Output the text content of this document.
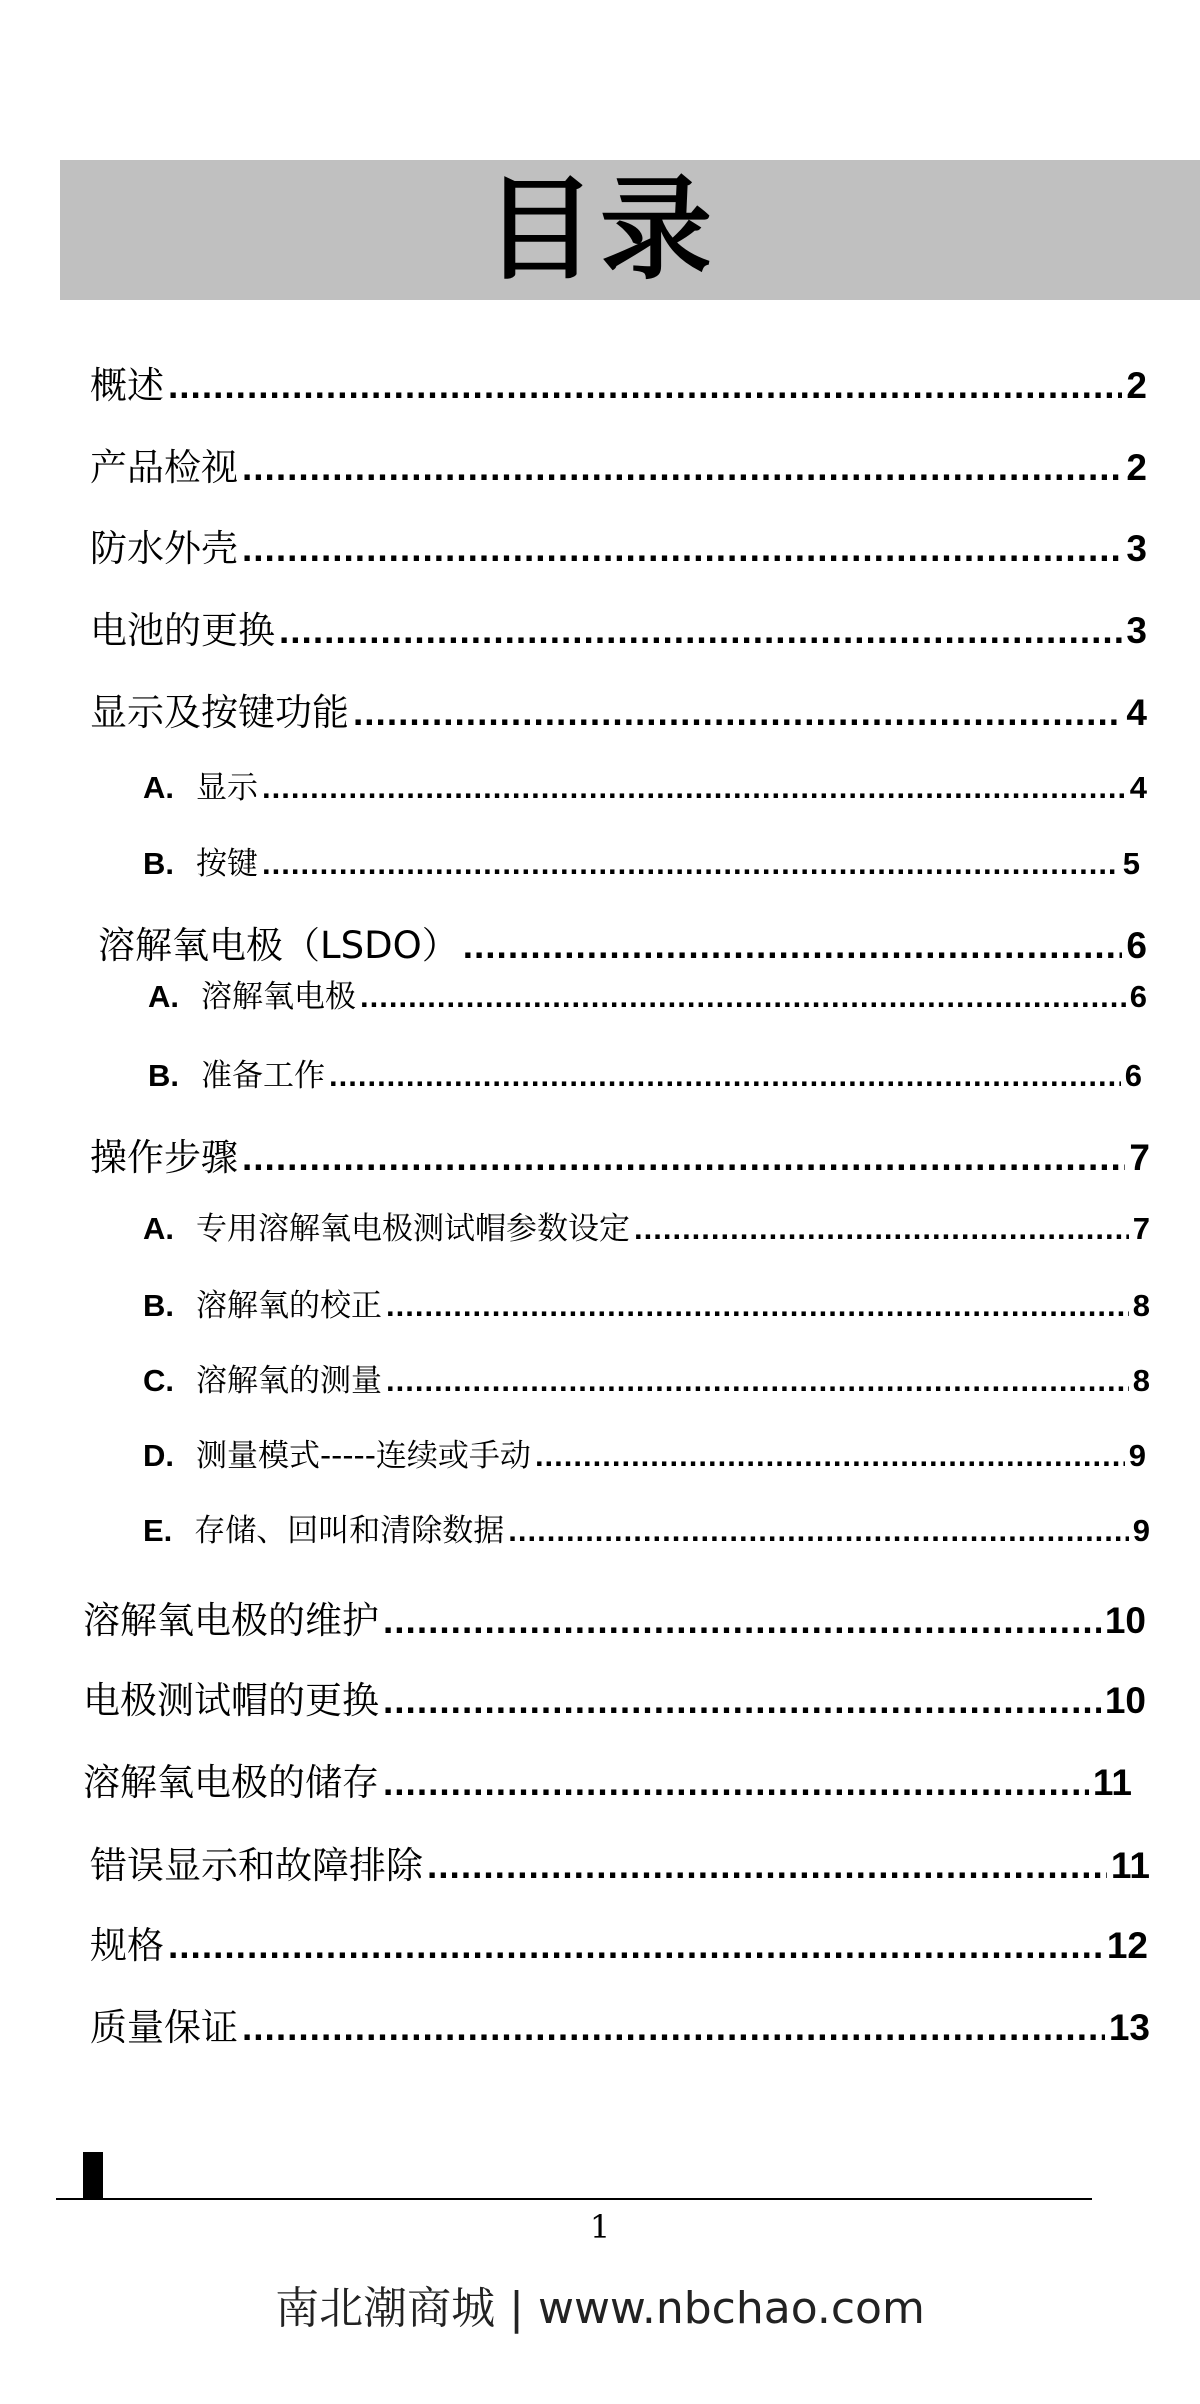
目录
概述 .....	2
产品检视 .....	2
防水外壳 .....	3
电池的更换 .....	3
显示及按键功能 .....	4
A. 显示 .....	4
B. 按键 .....	5
溶解氧电极（LSDO） .....	6
A. 溶解氧电极 .....	6
B. 准备工作 .....	6
操作步骤 .....	7
A. 专用溶解氧电极测试帽参数设定 .....	7
B. 溶解氧的校正 .....	8
C. 溶解氧的测量 .....	8
D. 测量模式-----连续或手动 .....	9
E. 存储、回叫和清除数据 .....	9
溶解氧电极的维护 .....	10
电极测试帽的更换 .....	10
溶解氧电极的储存 .....	11
错误显示和故障排除 .....	11
规格 .....	12
质量保证 .....	13
1
南北潮商城 | www.nbchao.com
